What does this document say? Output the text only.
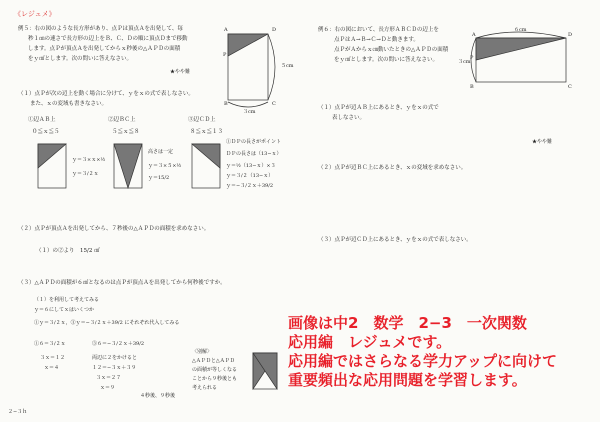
《レジュメ》
例５：右の図のような長方形があり、点Ｐは頂点Ａを出発して、毎
秒１㎝の速さで長方形の辺上をＢ、Ｃ、Ｄの順に頂点Ｄまで移動
します。点Ｐが頂点Ａを出発してからｘ秒後の△ＡＰＤの面積
をｙ㎠とします。次の問いに答えなさい。
★やや難
A
P
D
B	C
５cm
３cm
（１）点Ｐが次の辺上を動く場合に分けて、ｙをｘの式で表しなさい。
また、ｘの変域も書きなさい。
①辺ＡＢ上	②辺ＢＣ上	③辺ＣＤ上
０≦ｘ≦５	５≦ｘ≦８	８≦ｘ≦１３
ｙ＝３×ｘ×½
ｙ＝３/２ｘ
高さは一定
ｙ＝３×５×½
ｙ＝15/2
①ＤＰの長さがポイント
ＤＰの長さは（13−ｘ）
ｙ＝½（13−ｘ）×３
ｙ＝３/２（13−ｘ）
ｙ＝−３/２ｘ＋39/2
（２）点Ｐが頂点Ａを出発してから、７秒後の△ＡＰＤの面積を求めなさい。
（１）の②より　15/2 ㎠
（３）△ＡＰＤの面積が６㎠となるのは点Ｐが頂点Ａを出発してから何秒後ですか。
（１）を利用して考えてみる
ｙ＝６にしてｘはいくつか
①ｙ＝３/２ｘ，③ｙ＝−３/２ｘ＋39/2 にそれぞれ代入してみる
①６＝３/２ｘ
３ｘ＝１２
ｘ＝４
③６＝−３/２ｘ＋39/2
両辺に２をかけると
１２＝−３ｘ＋３９
３ｘ＝２７
ｘ＝９
４秒後、９秒後
〈別解〉
△ＡＰＤと△ＡＰＤ
の面積が等しくなる
ことから９秒後とも
考えられる
２−３ｈ
例６：右の図において、長方形ＡＢＣＤの辺上を
点ＰはＡ→Ｂ→Ｃ→Ｄと動きます。
点ＰがＡからｘ㎝動いたときの△ＡＰＤの面積
をｙ㎠とします。次の問いに答えなさい。
★やや難
A
P
B	C
D
６cm
３cm
（１）点Ｐが辺ＡＢ上にあるとき、ｙをｘの式で
表しなさい。
（２）点Ｐが辺ＢＣ上にあるとき、ｘの変域を求めなさい。
（３）点Ｐが辺ＣＤ上にあるとき、ｙをｘの式で表しなさい。
画像は中2　数学　2−3　一次関数
応用編　レジュメです。
応用編ではさらなる学力アップに向けて
重要頻出な応用問題を学習します。
